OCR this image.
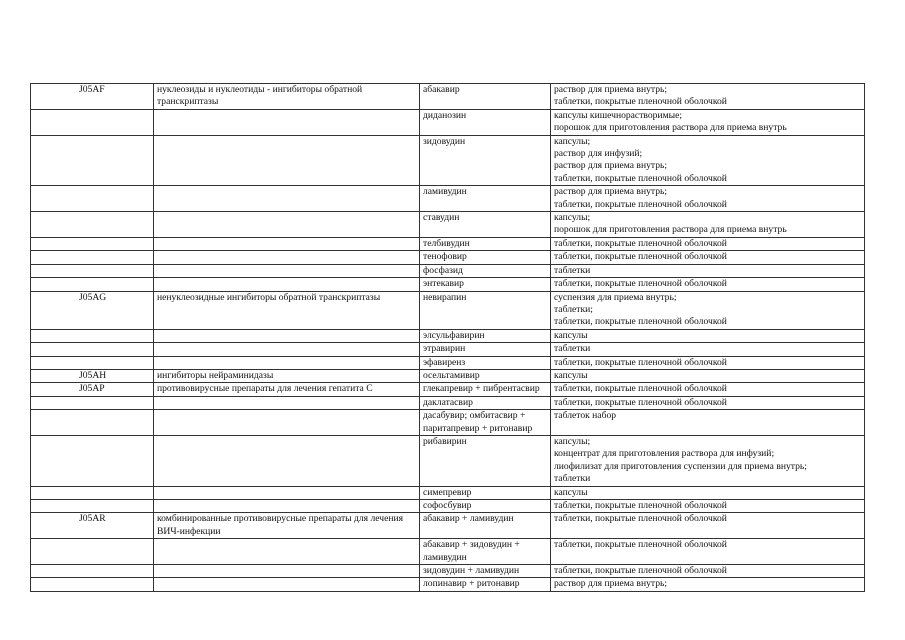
J05AF	нуклеозиды и нуклеотиды - ингибиторы обратной транскриптазы	абакавир	раствор для приема внутрь;
таблетки, покрытые пленочной оболочкой

		диданозин	капсулы кишечнорастворимые;
порошок для приготовления раствора для приема внутрь

		зидовудин	капсулы;
раствор для инфузий;
раствор для приема внутрь;
таблетки, покрытые пленочной оболочкой

		ламивудин	раствор для приема внутрь;
таблетки, покрытые пленочной оболочкой

		ставудин	капсулы;
порошок для приготовления раствора для приема внутрь

		телбивудин	таблетки, покрытые пленочной оболочкой

		тенофовир	таблетки, покрытые пленочной оболочкой

		фосфазид	таблетки

		энтекавир	таблетки, покрытые пленочной оболочкой

J05AG	ненуклеозидные ингибиторы обратной транскриптазы	невирапин	суспензия для приема внутрь;
таблетки;
таблетки, покрытые пленочной оболочкой

		элсульфавирин	капсулы

		этравирин	таблетки

		эфавиренз	таблетки, покрытые пленочной оболочкой

J05AH	ингибиторы нейраминидазы	осельтамивир	капсулы

J05AP	противовирусные препараты для лечения гепатита C	глекапревир + пибрентасвир	таблетки, покрытые пленочной оболочкой

		даклатасвир	таблетки, покрытые пленочной оболочкой

		дасабувир; омбитасвир + паритапревир + ритонавир	таблеток набор

		рибавирин	капсулы;
концентрат для приготовления раствора для инфузий;
лиофилизат для приготовления суспензии для приема внутрь;
таблетки

		симепревир	капсулы

		софосбувир	таблетки, покрытые пленочной оболочкой

J05AR	комбинированные противовирусные препараты для лечения ВИЧ-инфекции	абакавир + ламивудин	таблетки, покрытые пленочной оболочкой

		абакавир + зидовудин + ламивудин	таблетки, покрытые пленочной оболочкой

		зидовудин + ламивудин	таблетки, покрытые пленочной оболочкой

		лопинавир + ритонавир	раствор для приема внутрь;
